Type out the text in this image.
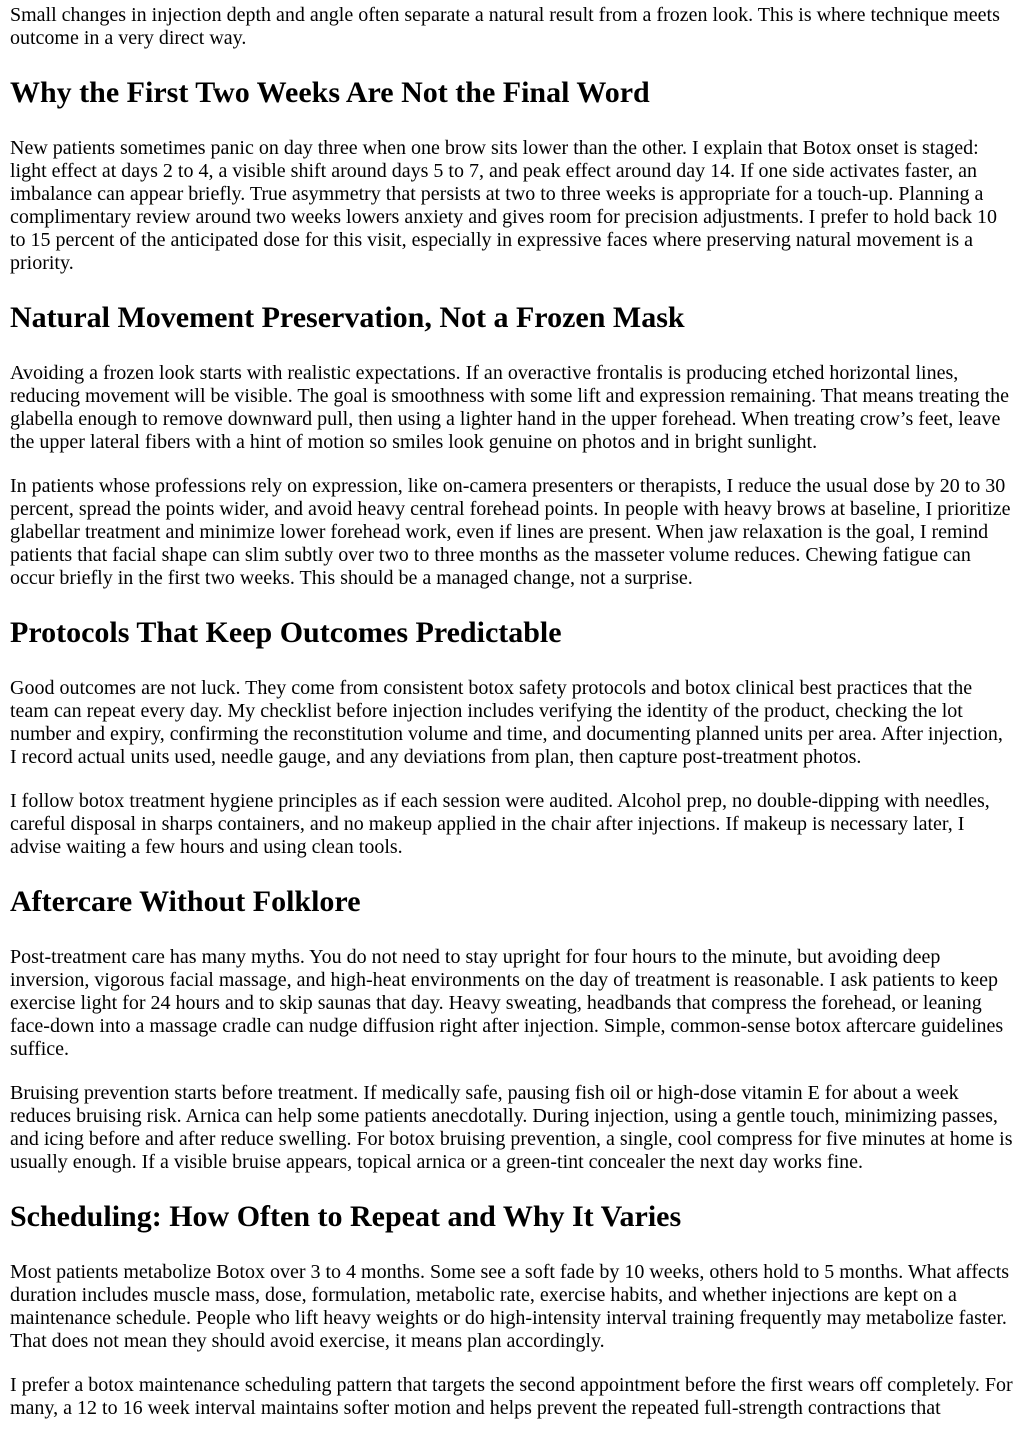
Small changes in injection depth and angle often separate a natural result from a frozen look. This is where technique meets outcome in a very direct way.

Why the First Two Weeks Are Not the Final Word

New patients sometimes panic on day three when one brow sits lower than the other. I explain that Botox onset is staged: light effect at days 2 to 4, a visible shift around days 5 to 7, and peak effect around day 14. If one side activates faster, an imbalance can appear briefly. True asymmetry that persists at two to three weeks is appropriate for a touch-up. Planning a complimentary review around two weeks lowers anxiety and gives room for precision adjustments. I prefer to hold back 10 to 15 percent of the anticipated dose for this visit, especially in expressive faces where preserving natural movement is a priority.

Natural Movement Preservation, Not a Frozen Mask

Avoiding a frozen look starts with realistic expectations. If an overactive frontalis is producing etched horizontal lines, reducing movement will be visible. The goal is smoothness with some lift and expression remaining. That means treating the glabella enough to remove downward pull, then using a lighter hand in the upper forehead. When treating crow’s feet, leave the upper lateral fibers with a hint of motion so smiles look genuine on photos and in bright sunlight.

In patients whose professions rely on expression, like on-camera presenters or therapists, I reduce the usual dose by 20 to 30 percent, spread the points wider, and avoid heavy central forehead points. In people with heavy brows at baseline, I prioritize glabellar treatment and minimize lower forehead work, even if lines are present. When jaw relaxation is the goal, I remind patients that facial shape can slim subtly over two to three months as the masseter volume reduces. Chewing fatigue can occur briefly in the first two weeks. This should be a managed change, not a surprise.

Protocols That Keep Outcomes Predictable

Good outcomes are not luck. They come from consistent botox safety protocols and botox clinical best practices that the team can repeat every day. My checklist before injection includes verifying the identity of the product, checking the lot number and expiry, confirming the reconstitution volume and time, and documenting planned units per area. After injection, I record actual units used, needle gauge, and any deviations from plan, then capture post-treatment photos.

I follow botox treatment hygiene principles as if each session were audited. Alcohol prep, no double-dipping with needles, careful disposal in sharps containers, and no makeup applied in the chair after injections. If makeup is necessary later, I advise waiting a few hours and using clean tools.

Aftercare Without Folklore

Post-treatment care has many myths. You do not need to stay upright for four hours to the minute, but avoiding deep inversion, vigorous facial massage, and high-heat environments on the day of treatment is reasonable. I ask patients to keep exercise light for 24 hours and to skip saunas that day. Heavy sweating, headbands that compress the forehead, or leaning face-down into a massage cradle can nudge diffusion right after injection. Simple, common-sense botox aftercare guidelines suffice.

Bruising prevention starts before treatment. If medically safe, pausing fish oil or high-dose vitamin E for about a week reduces bruising risk. Arnica can help some patients anecdotally. During injection, using a gentle touch, minimizing passes, and icing before and after reduce swelling. For botox bruising prevention, a single, cool compress for five minutes at home is usually enough. If a visible bruise appears, topical arnica or a green-tint concealer the next day works fine.

Scheduling: How Often to Repeat and Why It Varies

Most patients metabolize Botox over 3 to 4 months. Some see a soft fade by 10 weeks, others hold to 5 months. What affects duration includes muscle mass, dose, formulation, metabolic rate, exercise habits, and whether injections are kept on a maintenance schedule. People who lift heavy weights or do high-intensity interval training frequently may metabolize faster. That does not mean they should avoid exercise, it means plan accordingly.

I prefer a botox maintenance scheduling pattern that targets the second appointment before the first wears off completely. For many, a 12 to 16 week interval maintains softer motion and helps prevent the repeated full-strength contractions that
